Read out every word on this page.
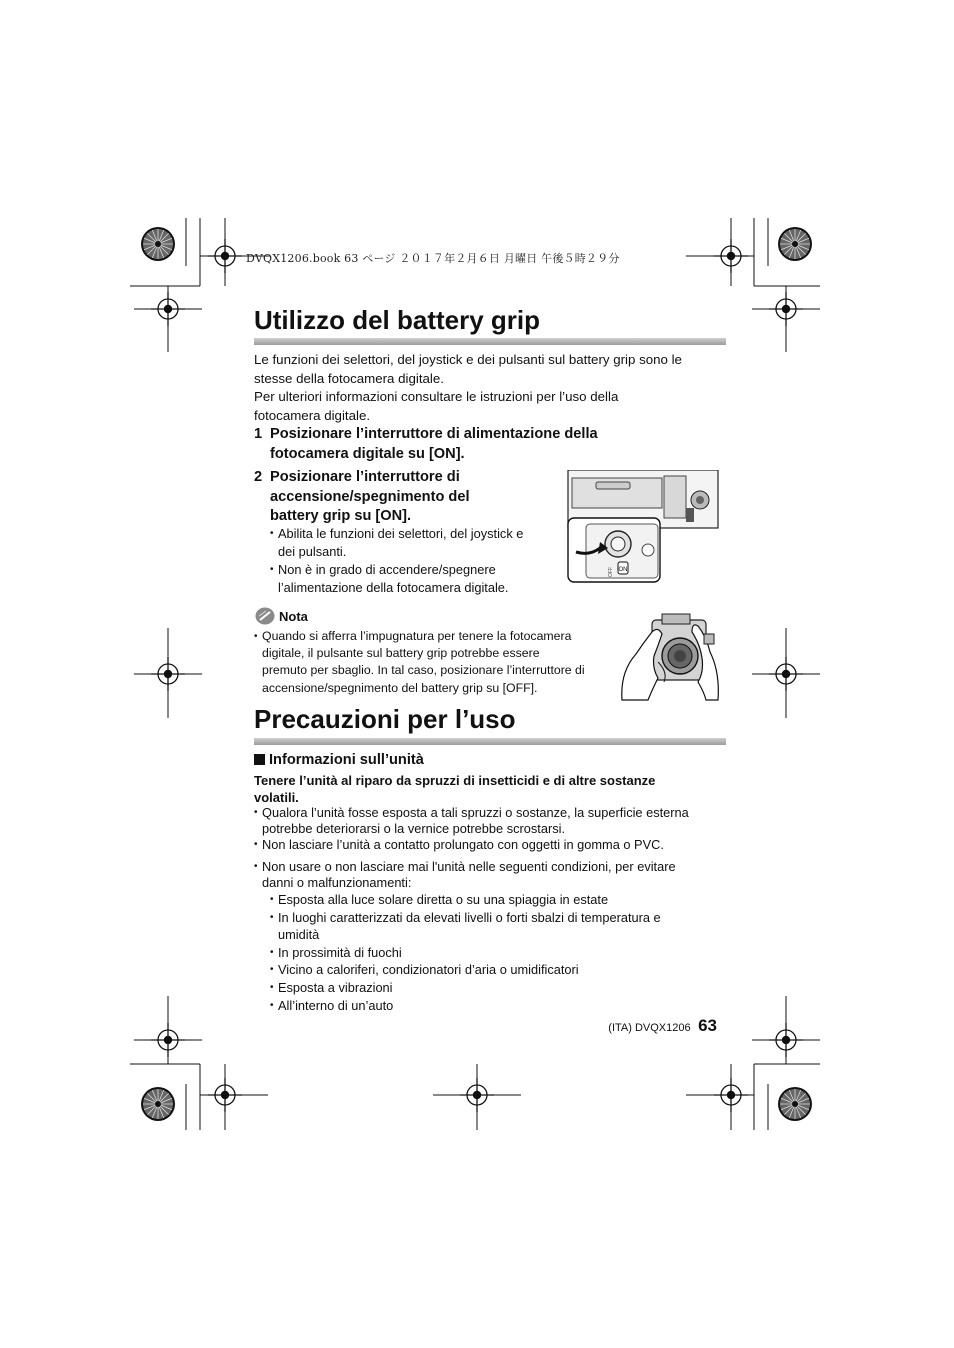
DVQX1206.book 63 ページ ２０１７年２月６日 月曜日 午後５時２９分
Utilizzo del battery grip

Le funzioni dei selettori, del joystick e dei pulsanti sul battery grip sono le

stesse della fotocamera digitale.

Per ulteriori informazioni consultare le istruzioni per l’uso della

fotocamera digitale.

1 Posizionare l’interruttore di alimentazione della
fotocamera digitale su [ON].
2 Posizionare l’interruttore di
accensione/spegnimento del
battery grip su [ON].
• Abilita le funzioni dei selettori, del joystick e
dei pulsanti.
• Non è in grado di accendere/spegnere
l’alimentazione della fotocamera digitale.
ON
OFF
Nota
• Quando si afferra l’impugnatura per tenere la fotocamera
digitale, il pulsante sul battery grip potrebbe essere
premuto per sbaglio. In tal caso, posizionare l’interruttore di
accensione/spegnimento del battery grip su [OFF].
Precauzioni per l’uso
Informazioni sull’unità
Tenere l’unità al riparo da spruzzi di insetticidi e di altre sostanze
volatili.
• Qualora l’unità fosse esposta a tali spruzzi o sostanze, la superficie esterna
potrebbe deteriorarsi o la vernice potrebbe scrostarsi.
• Non lasciare l’unità a contatto prolungato con oggetti in gomma o PVC.
• Non usare o non lasciare mai l'unità nelle seguenti condizioni, per evitare
danni o malfunzionamenti:
• Esposta alla luce solare diretta o su una spiaggia in estate
• In luoghi caratterizzati da elevati livelli o forti sbalzi di temperatura e
umidità
• In prossimità di fuochi
• Vicino a caloriferi, condizionatori d’aria o umidificatori
• Esposta a vibrazioni
• All’interno di un’auto
(ITA) DVQX1206 63
